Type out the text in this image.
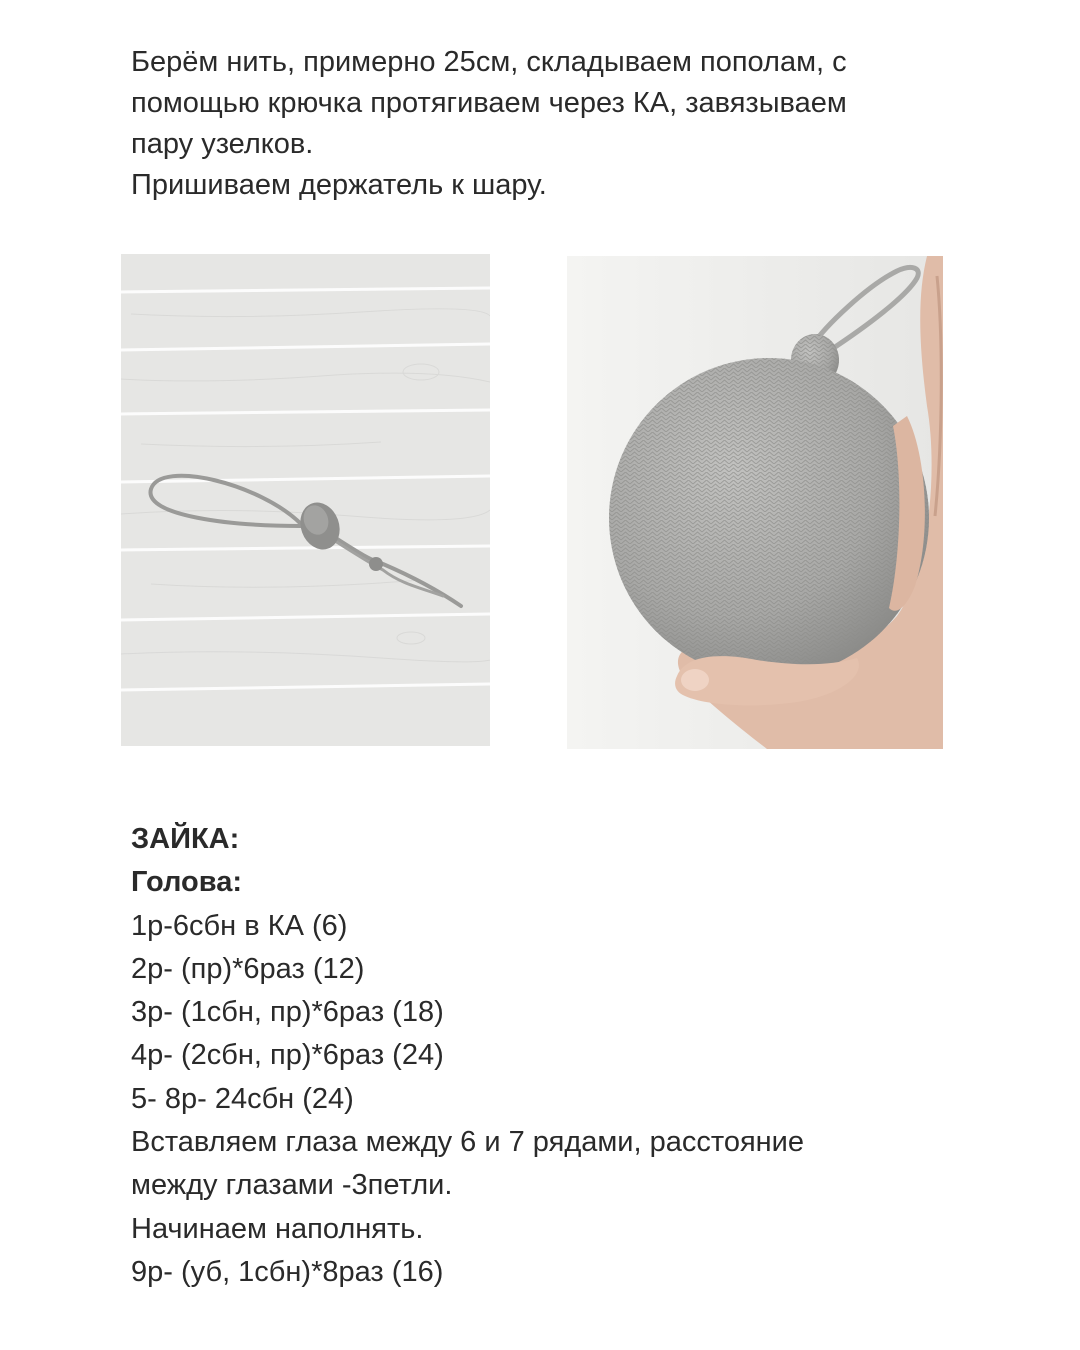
Берём нить, примерно 25см, складываем пополам, с

помощью крючка протягиваем через КА, завязываем

пару узелков.

Пришиваем держатель к шару.

ЗАЙКА:
Голова:
1р-6сбн в КА (6)
2р- (пр)*6раз (12)
3р- (1сбн, пр)*6раз (18)
4р- (2сбн, пр)*6раз (24)
5- 8р- 24сбн (24)
Вставляем глаза между 6 и 7 рядами, расстояние
между глазами -3петли.
Начинаем наполнять.
9р- (уб, 1сбн)*8раз (16)
